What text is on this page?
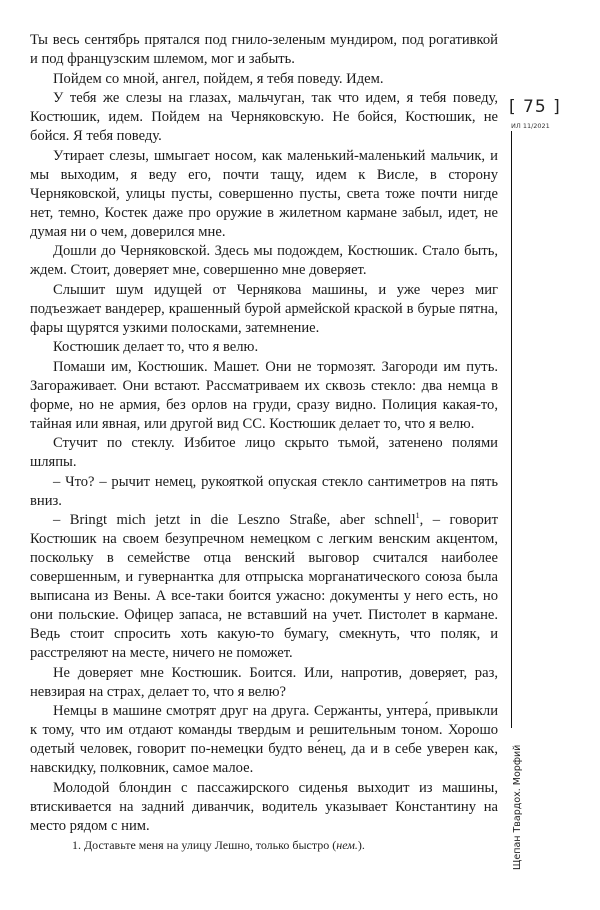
[ 75 ]
ИЛ 11/2021
Щепан Твардох. Морфий

Ты весь сентябрь прятался под гнило-зеленым мундиром, под рогативкой и под французским шлемом, мог и забыть.

Пойдем со мной, ангел, пойдем, я тебя поведу. Идем.

У тебя же слезы на глазах, мальчуган, так что идем, я тебя поведу, Костюшик, идем. Пойдем на Черняковскую. Не бойся, Костюшик, не бойся. Я тебя поведу.

Утирает слезы, шмыгает носом, как маленький-маленький мальчик, и мы выходим, я веду его, почти тащу, идем к Висле, в сторону Черняковской, улицы пусты, совершенно пусты, света тоже почти нигде нет, темно, Костек даже про оружие в жилетном кармане забыл, идет, не думая ни о чем, доверился мне.

Дошли до Черняковской. Здесь мы подождем, Костюшик. Стало быть, ждем. Стоит, доверяет мне, совершенно мне доверяет.

Слышит шум идущей от Чернякова машины, и уже через миг подъезжает вандерер, крашенный бурой армейской краской в бурые пятна, фары щурятся узкими полосками, затемнение.

Костюшик делает то, что я велю.

Помаши им, Костюшик. Машет. Они не тормозят. Загороди им путь. Загораживает. Они встают. Рассматриваем их сквозь стекло: два немца в форме, но не армия, без орлов на груди, сразу видно. Полиция какая-то, тайная или явная, или другой вид СС. Костюшик делает то, что я велю.

Стучит по стеклу. Избитое лицо скрыто тьмой, затенено полями шляпы.

– Что? – рычит немец, рукояткой опуская стекло сантиметров на пять вниз.

– Bringt mich jetzt in die Leszno Straße, aber schnell$^1$, – говорит Костюшик на своем безупречном немецком с легким венским акцентом, поскольку в семействе отца венский выговор считался наиболее совершенным, и гувернантка для отпрыска морганатического союза была выписана из Вены. А все-таки боится ужасно: документы у него есть, но они польские. Офицер запаса, не вставший на учет. Пистолет в кармане. Ведь стоит спросить хоть какую-то бумагу, смекнуть, что поляк, и расстреляют на месте, ничего не поможет.

Не доверяет мне Костюшик. Боится. Или, напротив, доверяет, раз, невзирая на страх, делает то, что я велю?

Немцы в машине смотрят друг на друга. Сержанты, унтера́, привыкли к тому, что им отдают команды твердым и решительным тоном. Хорошо одетый человек, говорит по-немецки будто ве́нец, да и в себе уверен как, навскидку, полковник, самое малое.

Молодой блондин с пассажирского сиденья выходит из машины, втискивается на задний диванчик, водитель указывает Константину на место рядом с ним.

1. Доставьте меня на улицу Лешно, только быстро (нем.).
